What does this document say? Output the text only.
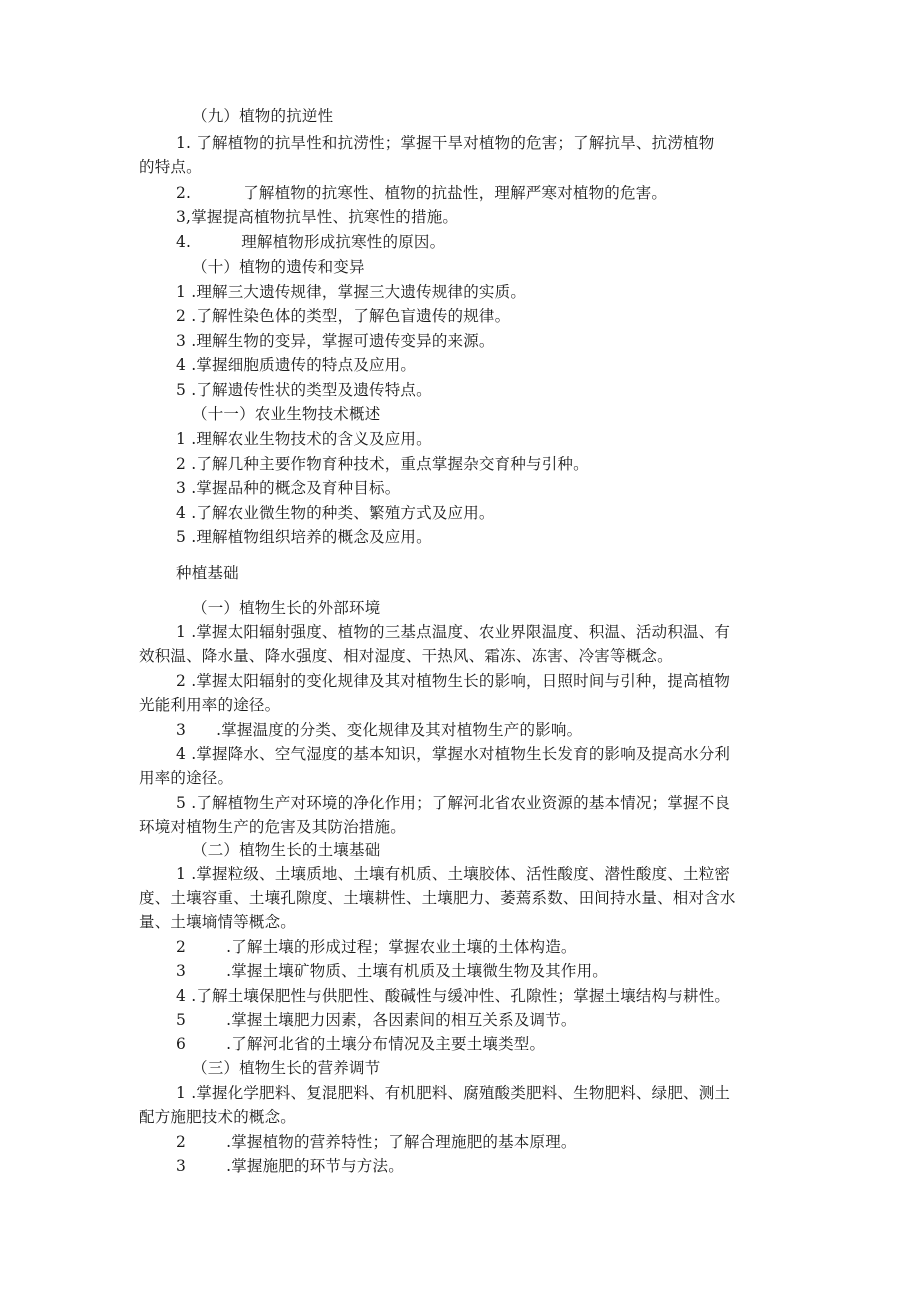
（九）植物的抗逆性
1. 了解植物的抗旱性和抗涝性；掌握干旱对植物的危害；了解抗旱、抗涝植物
的特点。
2.	了解植物的抗寒性、植物的抗盐性，理解严寒对植物的危害。
3,掌握提高植物抗旱性、抗寒性的措施。
4.	理解植物形成抗寒性的原因。
（十）植物的遗传和变异
1 .理解三大遗传规律，掌握三大遗传规律的实质。
2 .了解性染色体的类型，了解色盲遗传的规律。
3 .理解生物的变异，掌握可遗传变异的来源。
4 .掌握细胞质遗传的特点及应用。
5 .了解遗传性状的类型及遗传特点。
（十一）农业生物技术概述
1 .理解农业生物技术的含义及应用。
2 .了解几种主要作物育种技术，重点掌握杂交育种与引种。
3 .掌握品种的概念及育种目标。
4 .了解农业微生物的种类、繁殖方式及应用。
5 .理解植物组织培养的概念及应用。
种植基础
（一）植物生长的外部环境
1 .掌握太阳辐射强度、植物的三基点温度、农业界限温度、积温、活动积温、有
效积温、降水量、降水强度、相对湿度、干热风、霜冻、冻害、冷害等概念。
2 .掌握太阳辐射的变化规律及其对植物生长的影响，日照时间与引种，提高植物
光能利用率的途径。
3 .掌握温度的分类、变化规律及其对植物生产的影响。
4 .掌握降水、空气湿度的基本知识，掌握水对植物生长发育的影响及提高水分利
用率的途径。
5 .了解植物生产对环境的净化作用；了解河北省农业资源的基本情况；掌握不良
环境对植物生产的危害及其防治措施。
（二）植物生长的土壤基础
1 .掌握粒级、土壤质地、土壤有机质、土壤胶体、活性酸度、潜性酸度、土粒密
度、土壤容重、土壤孔隙度、土壤耕性、土壤肥力、萎蔫系数、田间持水量、相对含水
量、土壤墒情等概念。
2	.了解土壤的形成过程；掌握农业土壤的土体构造。
3	.掌握土壤矿物质、土壤有机质及土壤微生物及其作用。
4 .了解土壤保肥性与供肥性、酸碱性与缓冲性、孔隙性；掌握土壤结构与耕性。
5	.掌握土壤肥力因素，各因素间的相互关系及调节。
6	.了解河北省的土壤分布情况及主要土壤类型。
（三）植物生长的营养调节
1 .掌握化学肥料、复混肥料、有机肥料、腐殖酸类肥料、生物肥料、绿肥、测土
配方施肥技术的概念。
2	.掌握植物的营养特性；了解合理施肥的基本原理。
3	.掌握施肥的环节与方法。
